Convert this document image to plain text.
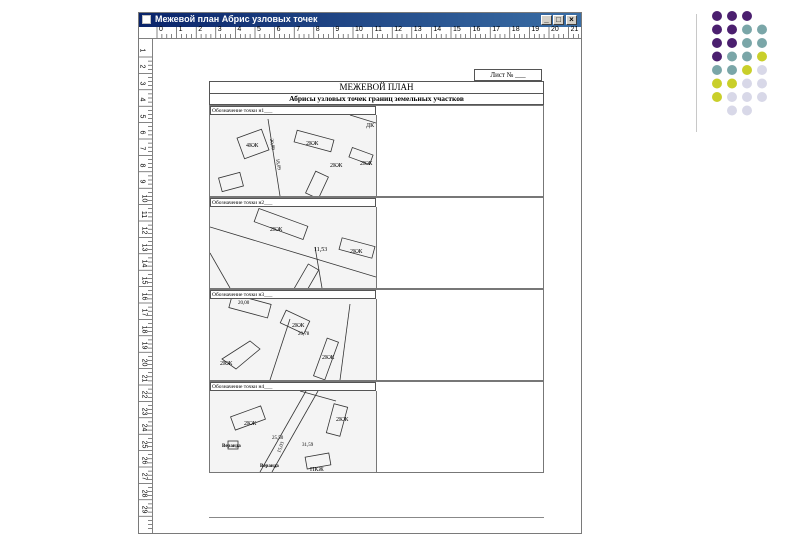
Межевой план Абрис узловых точек	_ □	×
0 1 2 3 4 5 6 7 8 9 10 11 12 13 14 15 16 17 18 19 20 21
1
2
3
4
5
6
7
8
9
10
11
12
13
14
15
16
17
18
19
20
21
22
23
24
25
26
27
28
29
Лист № ___
МЕЖЕВОЙ ПЛАН
Абрисы узловых точек границ земельных участков
Обозначение точки н1___
4КЖ	2КЖ
2КЖ	2КЖ
ДК
20,89
18,09
Обозначение точки н2___
2КЖ
2КЖ
11,53
Обозначение точки н3___
2КЖ
2КЖ
2КЖ
20,00
20,78
Обозначение точки н4___
2КЖ
2КЖ
ПКЖ
Веранда
Веранда
25,50
31,59
15,03
